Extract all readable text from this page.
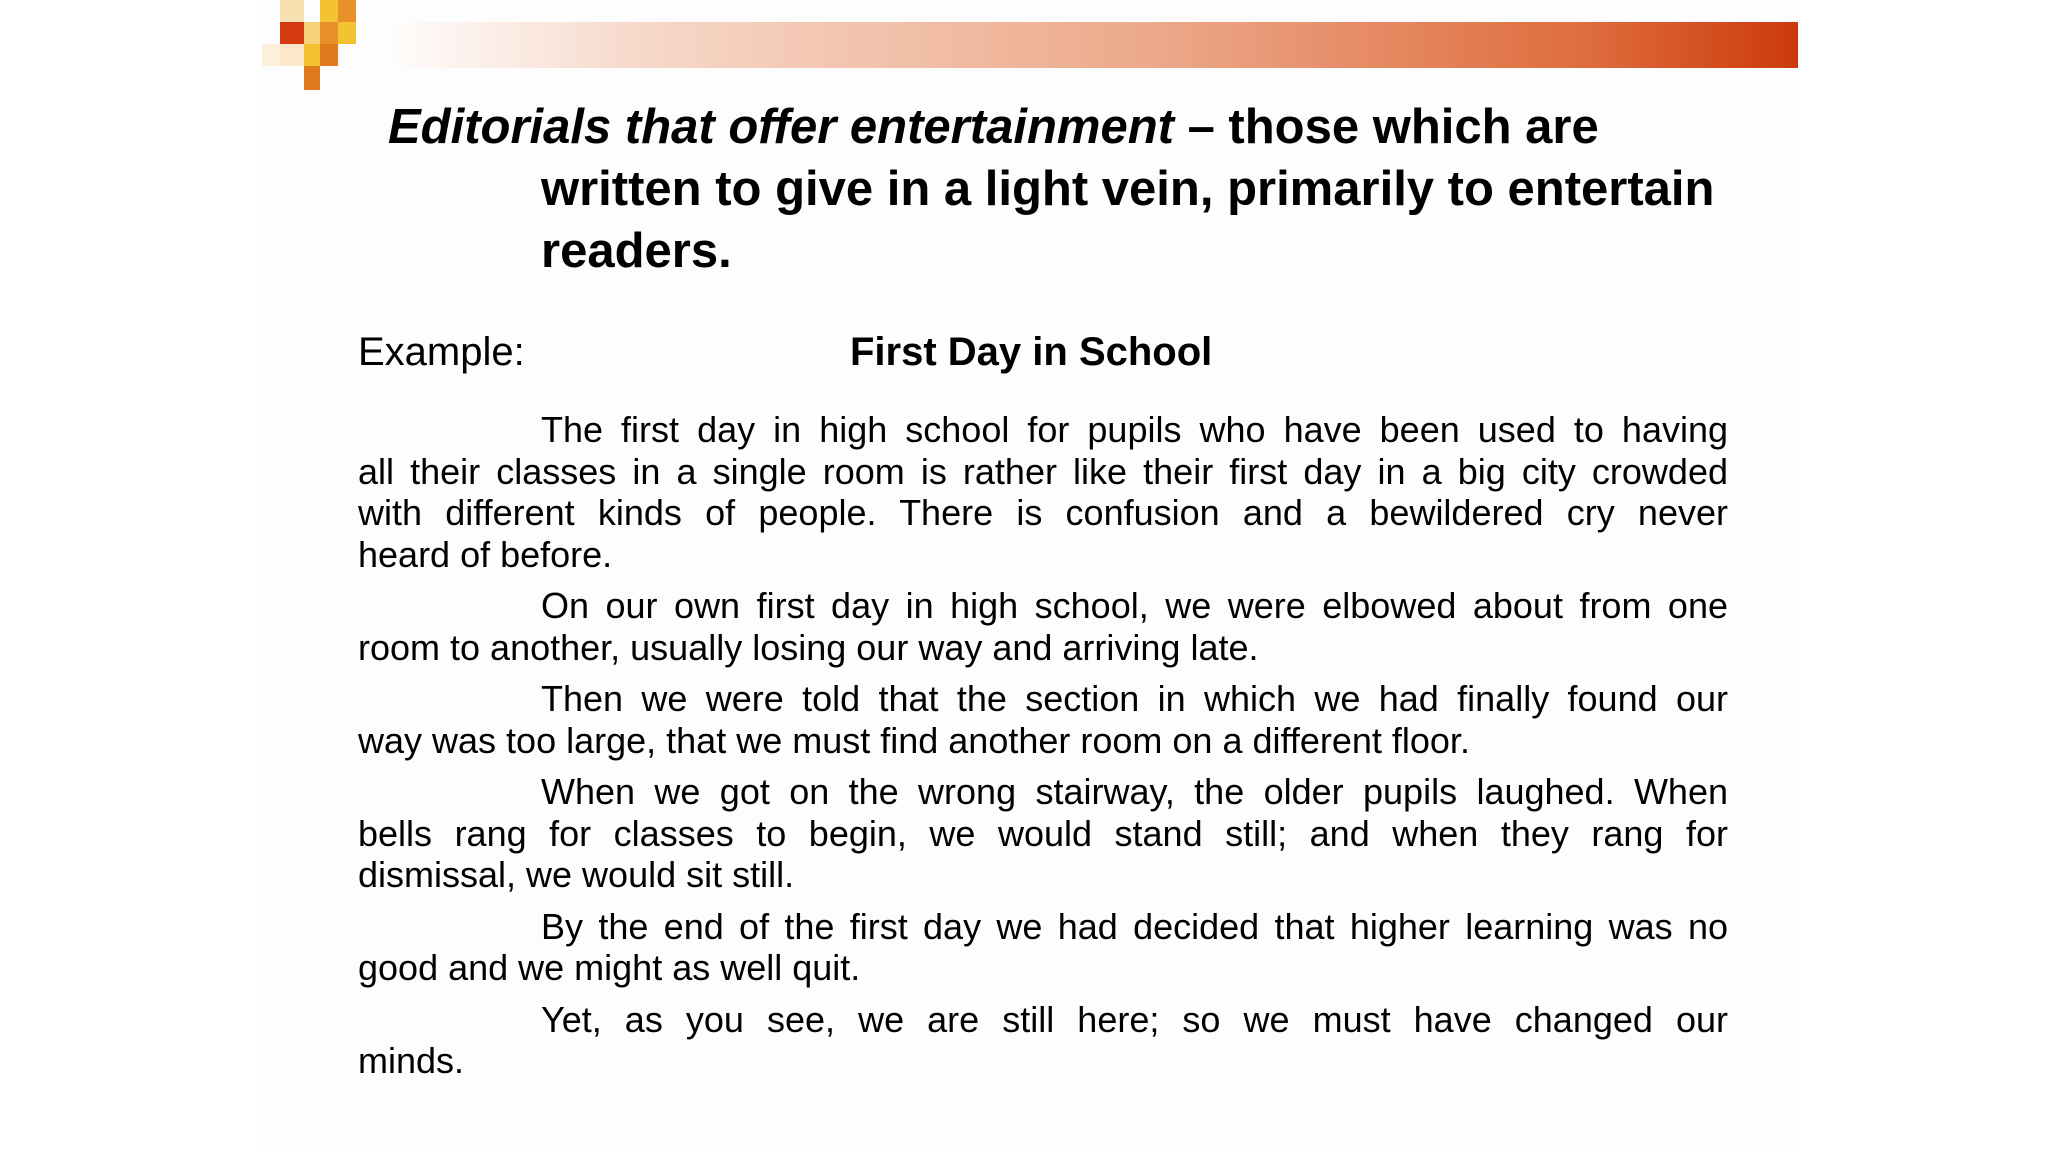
Editorials that offer entertainment – those which are
written to give in a light vein, primarily to entertain
readers.
Example:	First Day in School

The first day in high school for pupils who have been used to having
all their classes in a single room is rather like their first day in a big city crowded
with different kinds of people. There is confusion and a bewildered cry never
heard of before.

On our own first day in high school, we were elbowed about from one
room to another, usually losing our way and arriving late.

Then we were told that the section in which we had finally found our
way was too large, that we must find another room on a different floor.

When we got on the wrong stairway, the older pupils laughed. When
bells rang for classes to begin, we would stand still; and when they rang for
dismissal, we would sit still.

By the end of the first day we had decided that higher learning was no
good and we might as well quit.

Yet, as you see, we are still here; so we must have changed our
minds.
